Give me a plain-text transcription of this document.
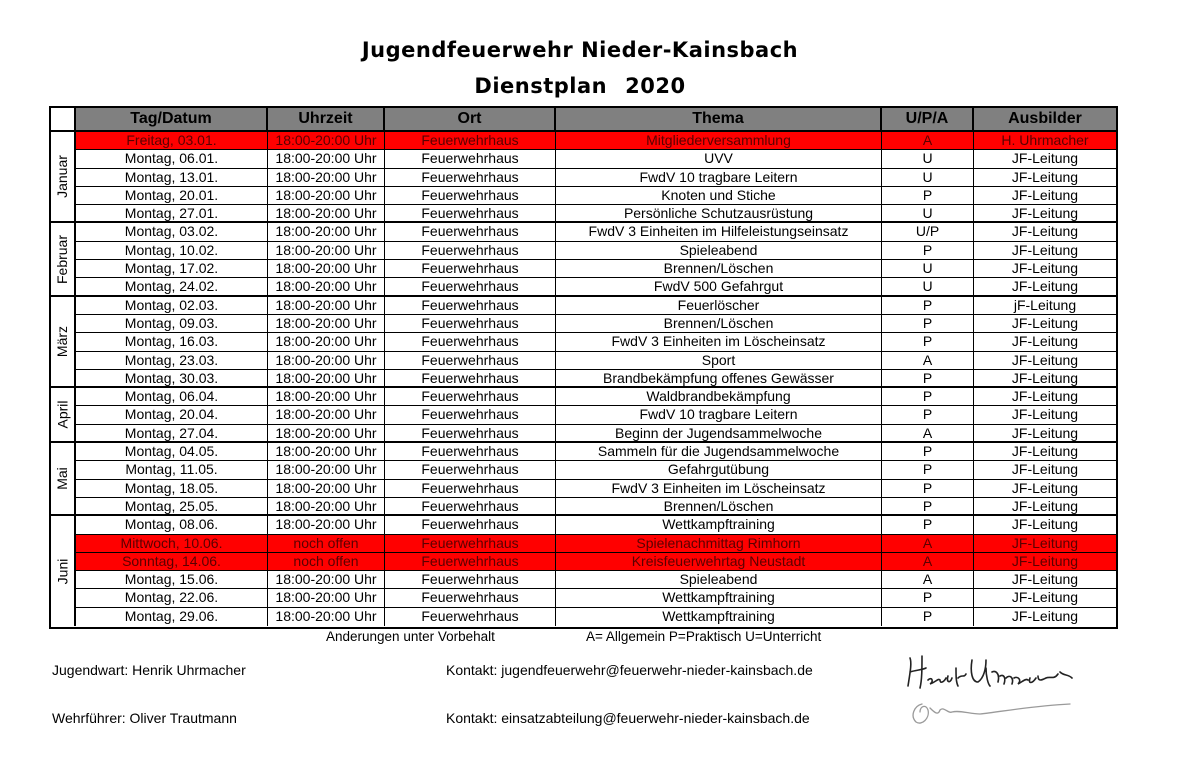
Jugendfeuerwehr Nieder-Kainsbach
Dienstplan 2020
Tag/Datum	Uhrzeit	Ort	Thema	U/P/A	Ausbilder
Januar
Februar
März
April
Mai
Juni
Freitag, 03.01.	18:00-20:00 Uhr	Feuerwehrhaus	Mitgliederversammlung	A	H. Uhrmacher
Montag, 06.01.	18:00-20:00 Uhr	Feuerwehrhaus	UVV	U	JF-Leitung
Montag, 13.01.	18:00-20:00 Uhr	Feuerwehrhaus	FwdV 10 tragbare Leitern	U	JF-Leitung
Montag, 20.01.	18:00-20:00 Uhr	Feuerwehrhaus	Knoten und Stiche	P	JF-Leitung
Montag, 27.01.	18:00-20:00 Uhr	Feuerwehrhaus	Persönliche Schutzausrüstung	U	JF-Leitung
Montag, 03.02.	18:00-20:00 Uhr	Feuerwehrhaus	FwdV 3 Einheiten im Hilfeleistungseinsatz	U/P	JF-Leitung
Montag, 10.02.	18:00-20:00 Uhr	Feuerwehrhaus	Spieleabend	P	JF-Leitung
Montag, 17.02.	18:00-20:00 Uhr	Feuerwehrhaus	Brennen/Löschen	U	JF-Leitung
Montag, 24.02.	18:00-20:00 Uhr	Feuerwehrhaus	FwdV 500 Gefahrgut	U	JF-Leitung
Montag, 02.03.	18:00-20:00 Uhr	Feuerwehrhaus	Feuerlöscher	P	jF-Leitung
Montag, 09.03.	18:00-20:00 Uhr	Feuerwehrhaus	Brennen/Löschen	P	JF-Leitung
Montag, 16.03.	18:00-20:00 Uhr	Feuerwehrhaus	FwdV 3 Einheiten im Löscheinsatz	P	JF-Leitung
Montag, 23.03.	18:00-20:00 Uhr	Feuerwehrhaus	Sport	A	JF-Leitung
Montag, 30.03.	18:00-20:00 Uhr	Feuerwehrhaus	Brandbekämpfung offenes Gewässer	P	JF-Leitung
Montag, 06.04.	18:00-20:00 Uhr	Feuerwehrhaus	Waldbrandbekämpfung	P	JF-Leitung
Montag, 20.04.	18:00-20:00 Uhr	Feuerwehrhaus	FwdV 10 tragbare Leitern	P	JF-Leitung
Montag, 27.04.	18:00-20:00 Uhr	Feuerwehrhaus	Beginn der Jugendsammelwoche	A	JF-Leitung
Montag, 04.05.	18:00-20:00 Uhr	Feuerwehrhaus	Sammeln für die Jugendsammelwoche	P	JF-Leitung
Montag, 11.05.	18:00-20:00 Uhr	Feuerwehrhaus	Gefahrgutübung	P	JF-Leitung
Montag, 18.05.	18:00-20:00 Uhr	Feuerwehrhaus	FwdV 3 Einheiten im Löscheinsatz	P	JF-Leitung
Montag, 25.05.	18:00-20:00 Uhr	Feuerwehrhaus	Brennen/Löschen	P	JF-Leitung
Montag, 08.06.	18:00-20:00 Uhr	Feuerwehrhaus	Wettkampftraining	P	JF-Leitung
Mittwoch, 10.06.	noch offen	Feuerwehrhaus	Spielenachmittag Rimhorn	A	JF-Leitung
Sonntag, 14.06.	noch offen	Feuerwehrhaus	Kreisfeuerwehrtag Neustadt	A	JF-Leitung
Montag, 15.06.	18:00-20:00 Uhr	Feuerwehrhaus	Spieleabend	A	JF-Leitung
Montag, 22.06.	18:00-20:00 Uhr	Feuerwehrhaus	Wettkampftraining	P	JF-Leitung
Montag, 29.06.	18:00-20:00 Uhr	Feuerwehrhaus	Wettkampftraining	P	JF-Leitung
Anderungen unter Vorbehalt	A= Allgemein P=Praktisch U=Unterricht
Jugendwart: Henrik Uhrmacher	Kontakt: jugendfeuerwehr@feuerwehr-nieder-kainsbach.de
Wehrführer: Oliver Trautmann	Kontakt: einsatzabteilung@feuerwehr-nieder-kainsbach.de
